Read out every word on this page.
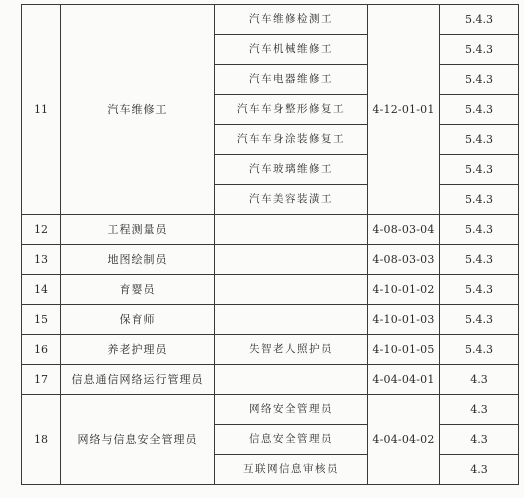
11	汽车维修工	汽车维修检测工	4-12-01-01	5.4.3
		汽车机械维修工		5.4.3
		汽车电器维修工		5.4.3
		汽车车身整形修复工		5.4.3
		汽车车身涂装修复工		5.4.3
		汽车玻璃维修工		5.4.3
		汽车美容装潢工		5.4.3
12	工程测量员		4-08-03-04	5.4.3
13	地图绘制员		4-08-03-03	5.4.3
14	育婴员		4-10-01-02	5.4.3
15	保育师		4-10-01-03	5.4.3
16	养老护理员	失智老人照护员	4-10-01-05	5.4.3
17	信息通信网络运行管理员		4-04-04-01	4.3
18	网络与信息安全管理员	网络安全管理员	4-04-04-02	4.3
		信息安全管理员		4.3
		互联网信息审核员		4.3
